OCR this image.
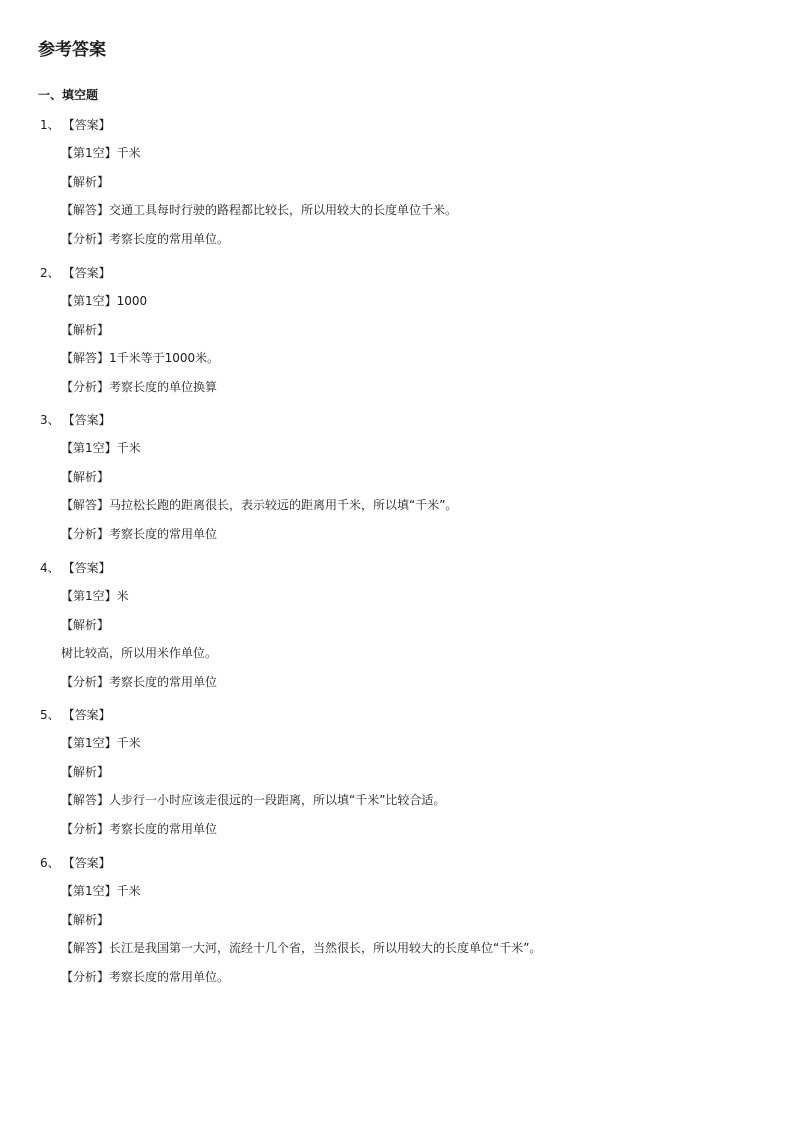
参考答案
一、填空题
1、 【答案】
【第1空】千米
【解析】
【解答】交通工具每时行驶的路程都比较长，所以用较大的长度单位千米。
【分析】考察长度的常用单位。
2、 【答案】
【第1空】1000
【解析】
【解答】1千米等于1000米。
【分析】考察长度的单位换算
3、 【答案】
【第1空】千米
【解析】
【解答】马拉松长跑的距离很长，表示较远的距离用千米，所以填“千米”。
【分析】考察长度的常用单位
4、 【答案】
【第1空】米
【解析】
树比较高，所以用米作单位。
【分析】考察长度的常用单位
5、 【答案】
【第1空】千米
【解析】
【解答】人步行一小时应该走很远的一段距离，所以填“千米”比较合适。
【分析】考察长度的常用单位
6、 【答案】
【第1空】千米
【解析】
【解答】长江是我国第一大河，流经十几个省，当然很长，所以用较大的长度单位“千米”。
【分析】考察长度的常用单位。
